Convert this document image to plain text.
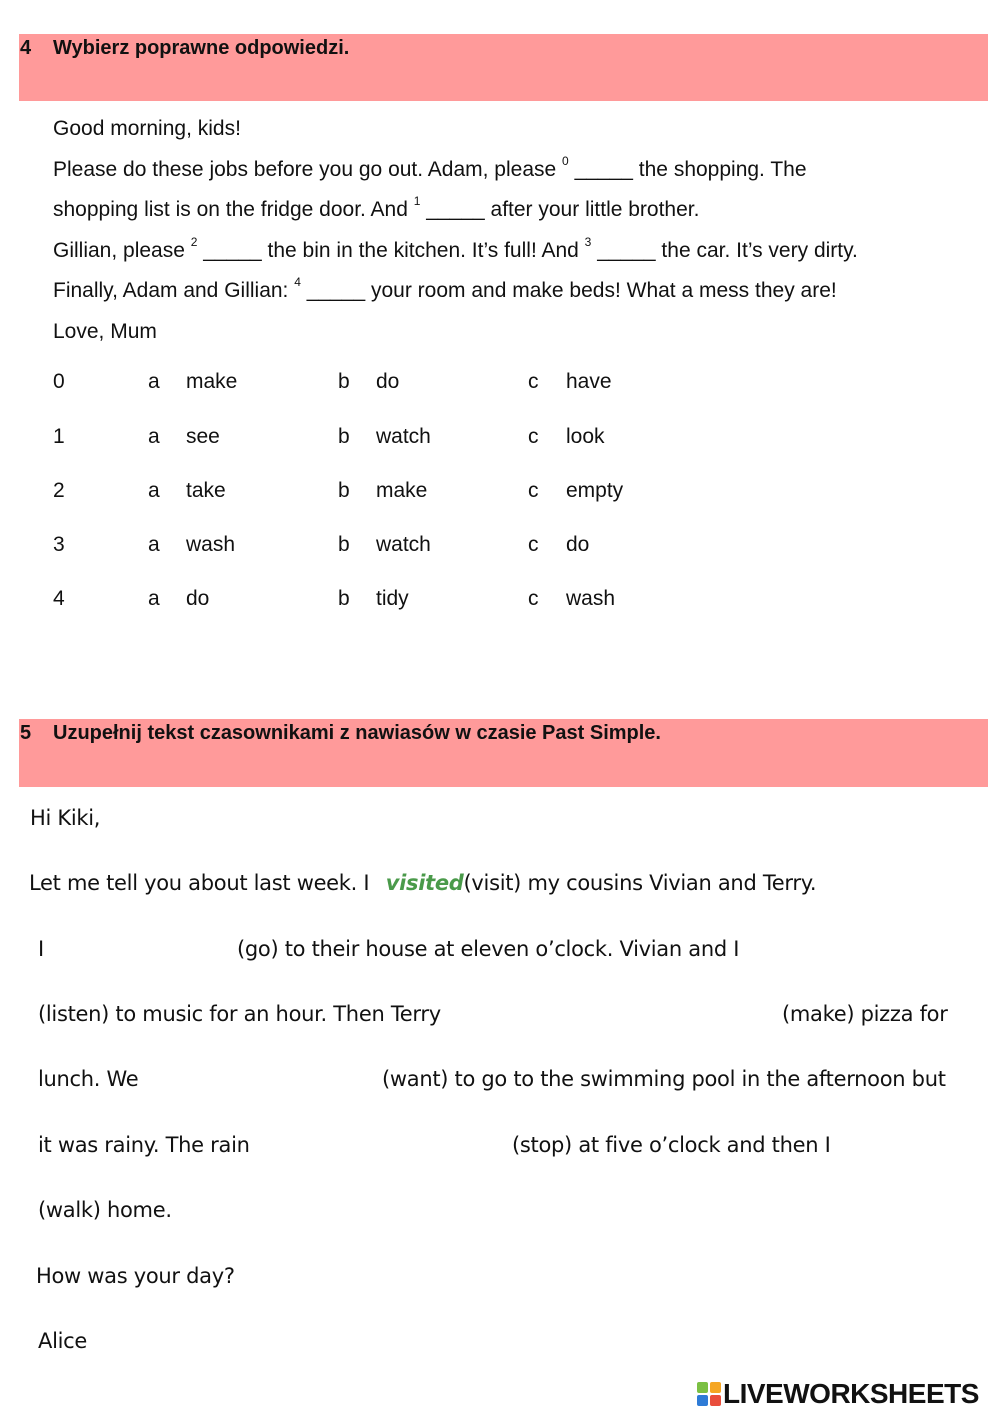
4 Wybierz poprawne odpowiedzi.
Good morning, kids!
Please do these jobs before you go out. Adam, please $^0$ _____ the shopping. The
shopping list is on the fridge door. And $^1$ _____ after your little brother.
Gillian, please $^2$ _____ the bin in the kitchen. It’s full! And $^3$ _____ the car. It’s very dirty.
Finally, Adam and Gillian: $^4$ _____ your room and make beds! What a mess they are!
Love, Mum
0	a make	b do	c have
1	a see	b watch	c look
2	a take	b make	c empty
3	a wash	b watch	c do
4	a do	b tidy	c wash
5 Uzupełnij tekst czasownikami z nawiasów w czasie Past Simple.
Hi Kiki,
Let me tell you about last week. I visited(visit) my cousins Vivian and Terry.
I	(go) to their house at eleven o’clock. Vivian and I
(listen) to music for an hour. Then Terry	(make) pizza for
lunch. We	(want) to go to the swimming pool in the afternoon but
it was rainy. The rain	(stop) at five o’clock and then I
(walk) home.
How was your day?
Alice
LIVEWORKSHEETS
